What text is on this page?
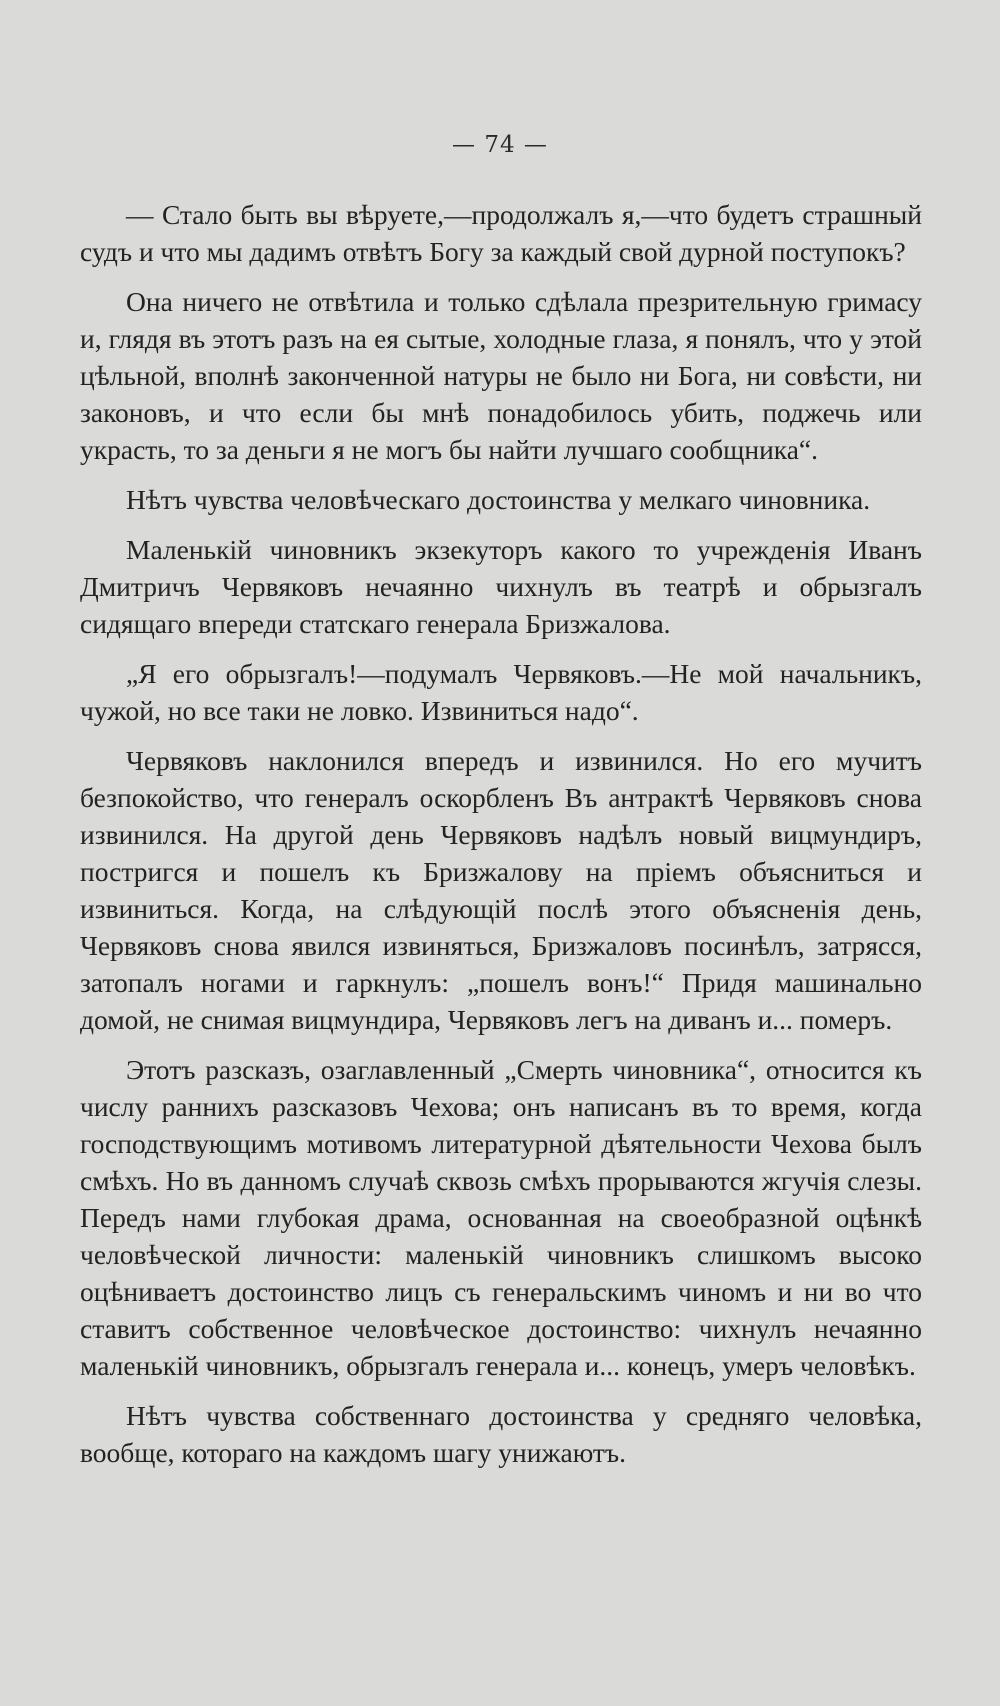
— 74 —

— Стало быть вы вѣруете,—продолжалъ я,—что будетъ страшный судъ и что мы дадимъ отвѣтъ Богу за каждый свой дурной поступокъ?

Она ничего не отвѣтила и только сдѣлала презрительную гримасу и, глядя въ этотъ разъ на ея сытые, холодные глаза, я понялъ, что у этой цѣльной, вполнѣ законченной натуры не было ни Бога, ни совѣсти, ни законовъ, и что если бы мнѣ понадобилось убить, поджечь или украсть, то за деньги я не могъ бы найти лучшаго сообщника“.

Нѣтъ чувства человѣческаго достоинства у мелкаго чиновника.

Маленькій чиновникъ экзекуторъ какого то учрежденія Иванъ Дмитричъ Червяковъ нечаянно чихнулъ въ театрѣ и обрызгалъ сидящаго впереди статскаго генерала Бризжалова.

„Я его обрызгалъ!—подумалъ Червяковъ.—Не мой начальникъ, чужой, но все таки не ловко. Извиниться надо“.

Червяковъ наклонился впередъ и извинился. Но его мучитъ безпокойство, что генералъ оскорбленъ Въ антрактѣ Червяковъ снова извинился. На другой день Червяковъ надѣлъ новый вицмундиръ, постригся и пошелъ къ Бризжалову на пріемъ объясниться и извиниться. Когда, на слѣдующій послѣ этого объясненія день, Червяковъ снова явился извиняться, Бризжаловъ посинѣлъ, затрясся, затопалъ ногами и гаркнулъ: „пошелъ вонъ!“ Придя машинально домой, не снимая вицмундира, Червяковъ легъ на диванъ и... померъ.

Этотъ разсказъ, озаглавленный „Смерть чиновника“, относится къ числу раннихъ разсказовъ Чехова; онъ написанъ въ то время, когда господствующимъ мотивомъ литературной дѣятельности Чехова былъ смѣхъ. Но въ данномъ случаѣ сквозь смѣхъ прорываются жгучія слезы. Передъ нами глубокая драма, основанная на своеобразной оцѣнкѣ человѣческой личности: маленькій чиновникъ слишкомъ высоко оцѣниваетъ достоинство лицъ съ генеральскимъ чиномъ и ни во что ставитъ собственное человѣческое достоинство: чихнулъ нечаянно маленькій чиновникъ, обрызгалъ генерала и... конецъ, умеръ человѣкъ.

Нѣтъ чувства собственнаго достоинства у средняго человѣка, вообще, котораго на каждомъ шагу унижаютъ.
